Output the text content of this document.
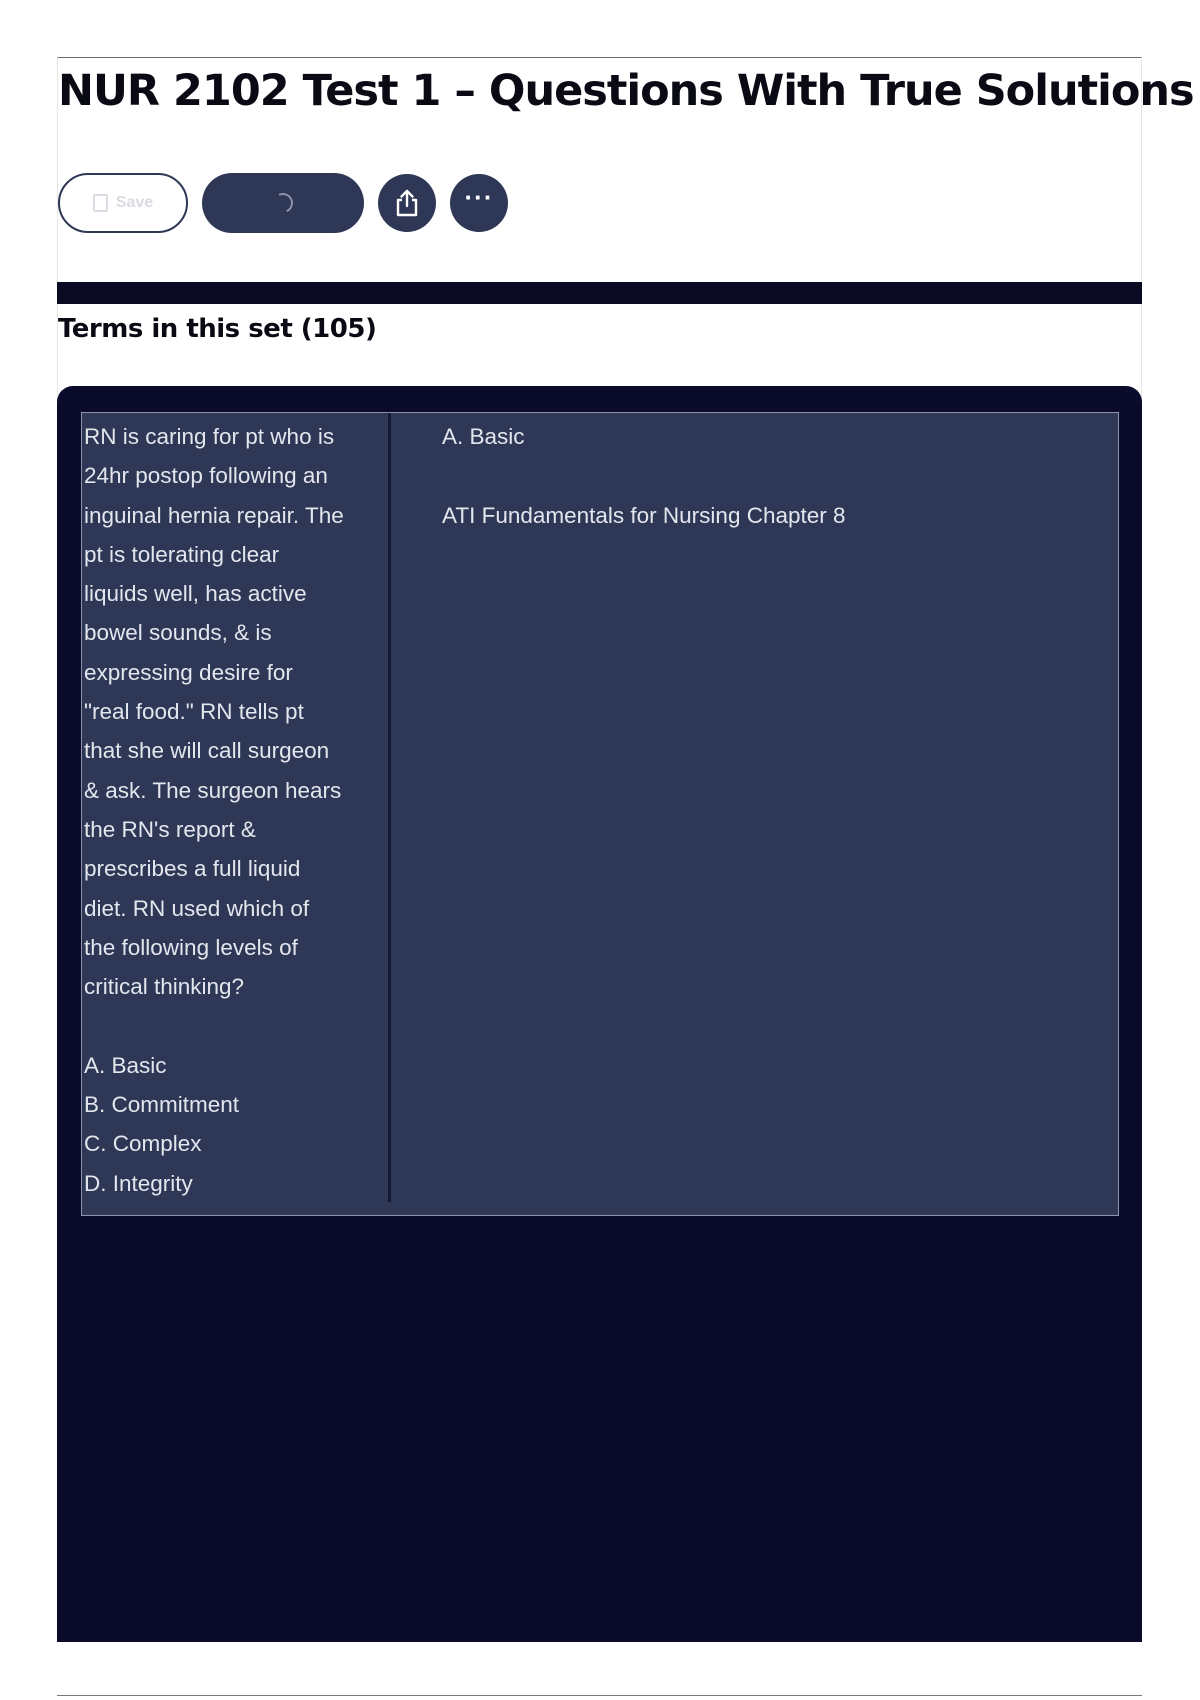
NUR 2102 Test 1 – Questions With True Solutions
Save	···
Terms in this set (105)

RN is caring for pt who is
24hr postop following an
inguinal hernia repair. The
pt is tolerating clear
liquids well, has active
bowel sounds, & is
expressing desire for
"real food." RN tells pt
that she will call surgeon
& ask. The surgeon hears
the RN's report &
prescribes a full liquid
diet. RN used which of
the following levels of
critical thinking?

A. Basic
B. Commitment
C. Complex
D. Integrity

A. Basic

ATI Fundamentals for Nursing Chapter 8
